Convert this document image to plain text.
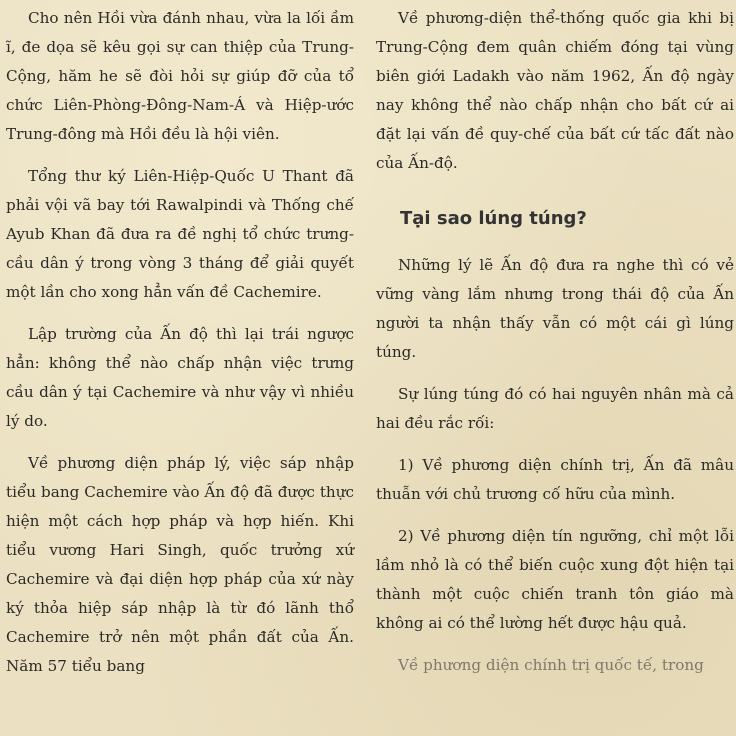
Cho nên Hồi vừa đánh nhau, vừa la lối ầm ĩ, đe dọa sẽ kêu gọi sự can thiệp của Trung-Cộng, hăm he sẽ đòi hỏi sự giúp đỡ của tổ chức Liên-Phòng-Đông-Nam-Á và Hiệp-ước Trung-đông mà Hồi đều là hội viên.

Tổng thư ký Liên-Hiệp-Quốc U Thant đã phải vội vã bay tới Rawalpindi và Thống chế Ayub Khan đã đưa ra đề nghị tổ chức trưng-cầu dân ý trong vòng 3 tháng để giải quyết một lần cho xong hẳn vấn đề Cachemire.

Lập trường của Ấn độ thì lại trái ngược hẳn: không thể nào chấp nhận việc trưng cầu dân ý tại Cachemire và như vậy vì nhiều lý do.

Về phương diện pháp lý, việc sáp nhập tiểu bang Cachemire vào Ấn độ đã được thực hiện một cách hợp pháp và hợp hiến. Khi tiểu vương Hari Singh, quốc trưởng xứ Cachemire và đại diện hợp pháp của xứ này ký thỏa hiệp sáp nhập là từ đó lãnh thổ Cachemire trở nên một phần đất của Ấn. Năm 57 tiểu bang

Về phương-diện thể-thống quốc gia khi bị Trung-Cộng đem quân chiếm đóng tại vùng biên giới Ladakh vào năm 1962, Ấn độ ngày nay không thể nào chấp nhận cho bất cứ ai đặt lại vấn đề quy-chế của bất cứ tấc đất nào của Ấn-độ.

Tại sao lúng túng?

Những lý lẽ Ấn độ đưa ra nghe thì có vẻ vững vàng lắm nhưng trong thái độ của Ấn người ta nhận thấy vẫn có một cái gì lúng túng.

Sự lúng túng đó có hai nguyên nhân mà cả hai đều rắc rối:

1) Về phương diện chính trị, Ấn đã mâu thuẫn với chủ trương cố hữu của mình.

2) Về phương diện tín ngưỡng, chỉ một lỗi lầm nhỏ là có thể biến cuộc xung đột hiện tại thành một cuộc chiến tranh tôn giáo mà không ai có thể lường hết được hậu quả.

Về phương diện chính trị quốc tế, trong
